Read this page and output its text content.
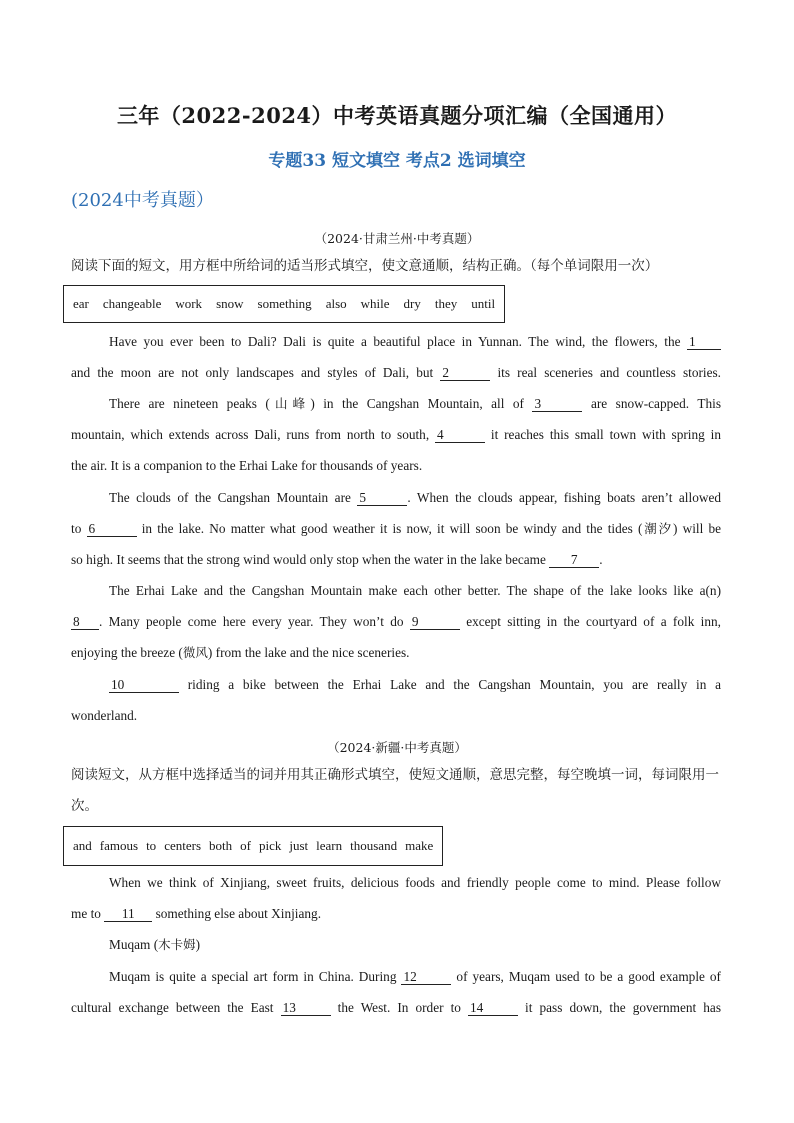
三年（2022-2024）中考英语真题分项汇编（全国通用）
专题33 短文填空 考点2 选词填空
(2024中考真题）
（2024·甘肃兰州·中考真题）
阅读下面的短文，用方框中所给词的适当形式填空，使文意通顺，结构正确。（每个单词限用一次）
ear changeable work snow something also while dry they until
Have you ever been to Dali? Dali is quite a beautiful place in Yunnan. The wind, the flowers, the 1
and the moon are not only landscapes and styles of Dali, but 2	its real sceneries and countless stories.
There are nineteen peaks (山峰) in the Cangshan Mountain, all of 3	are snow-capped. This
mountain, which extends across Dali, runs from north to south, 4	it reaches this small town with spring in
the air. It is a companion to the Erhai Lake for thousands of years.
The clouds of the Cangshan Mountain are 5	. When the clouds appear, fishing boats aren’t allowed
to 6	in the lake. No matter what good weather it is now, it will soon be windy and the tides (潮汐) will be
so high. It seems that the strong wind would only stop when the water in the lake became 7 .
The Erhai Lake and the Cangshan Mountain make each other better. The shape of the lake looks like a(n)
8 . Many people come here every year. They won’t do 9	except sitting in the courtyard of a folk inn,
enjoying the breeze (微风) from the lake and the nice sceneries.
10	riding a bike between the Erhai Lake and the Cangshan Mountain, you are really in a
wonderland.
（2024·新疆·中考真题）
阅读短文，从方框中选择适当的词并用其正确形式填空，使短文通顺，意思完整，每空晚填一词，每词限用一次。
and famous to centers both of pick just learn thousand make
When we think of Xinjiang, sweet fruits, delicious foods and friendly people come to mind. Please follow
me to 11 something else about Xinjiang.
Muqam (木卡姆)
Muqam is quite a special art form in China. During 12	of years, Muqam used to be a good example of
cultural exchange between the East 13	the West. In order to 14	it pass down, the government has
